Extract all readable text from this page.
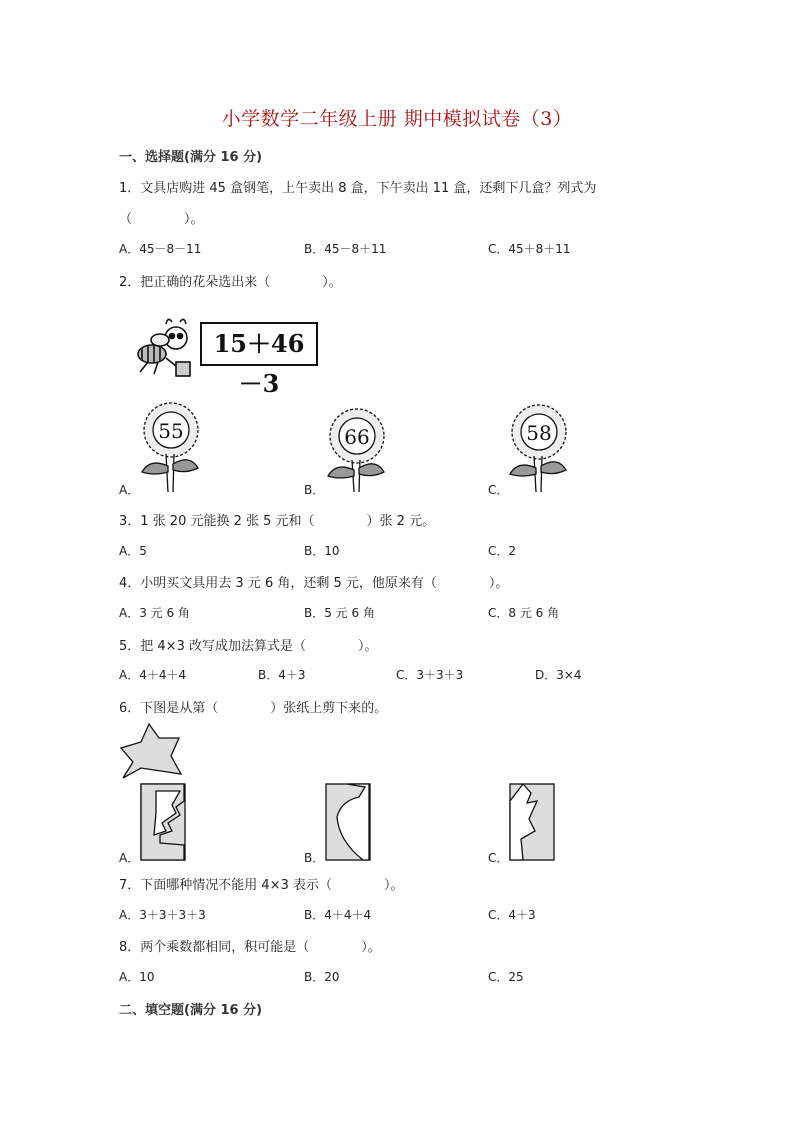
小学数学二年级上册 期中模拟试卷（3）
一、选择题(满分 16 分)
1．文具店购进 45 盒钢笔，上午卖出 8 盒，下午卖出 11 盒，还剩下几盒？列式为
（　　　　）。
A．45－8－11	B．45－8＋11	C．45＋8＋11
2．把正确的花朵选出来（　　　　）。
15＋46－3
55	66	58
A．	B．	C．
3．1 张 20 元能换 2 张 5 元和（　　　　）张 2 元。
A．5	B．10	C．2
4．小明买文具用去 3 元 6 角，还剩 5 元，他原来有（　　　　）。
A．3 元 6 角	B．5 元 6 角	C．8 元 6 角
5．把 4×3 改写成加法算式是（　　　　）。
A．4＋4＋4	B．4＋3	C．3＋3＋3	D．3×4
6．下图是从第（　　　　）张纸上剪下来的。
A．	B．	C．
7．下面哪种情况不能用 4×3 表示（　　　　）。
A．3＋3＋3＋3	B．4＋4＋4	C．4＋3
8．两个乘数都相同，积可能是（　　　　）。
A．10	B．20	C．25
二、填空题(满分 16 分)
